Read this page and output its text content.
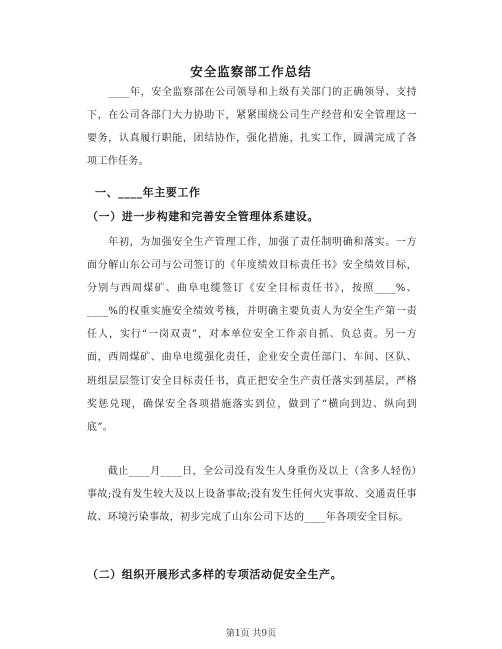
安全监察部工作总结
　　____年，安全监察部在公司领导和上级有关部门的正确领导、支持下，在公司各部门大力协助下，紧紧围绕公司生产经营和安全管理这一要务，认真履行职能，团结协作，强化措施，扎实工作，圆满完成了各项工作任务。
一、____年主要工作
（一）进一步构建和完善安全管理体系建设。
　　年初，为加强安全生产管理工作，加强了责任制明确和落实。一方面分解山东公司与公司签订的《年度绩效目标责任书》安全绩效目标，分别与西周煤矿、曲阜电缆签订《安全目标责任书》，按照____%、____%的权重实施安全绩效考核，并明确主要负责人为安全生产第一责任人，实行“一岗双责”，对本单位安全工作亲自抓、负总责。另一方面，西周煤矿、曲阜电缆强化责任，企业安全责任部门、车间、区队、班组层层签订安全目标责任书，真正把安全生产责任落实到基层，严格奖惩兑现，确保安全各项措施落实到位，做到了“横向到边、纵向到底”。
　　截止____月____日，全公司没有发生人身重伤及以上（含多人轻伤）事故;没有发生较大及以上设备事故;没有发生任何火灾事故、交通责任事故、环境污染事故，初步完成了山东公司下达的____年各项安全目标。
（二）组织开展形式多样的专项活动促安全生产。
第1页 共9页
